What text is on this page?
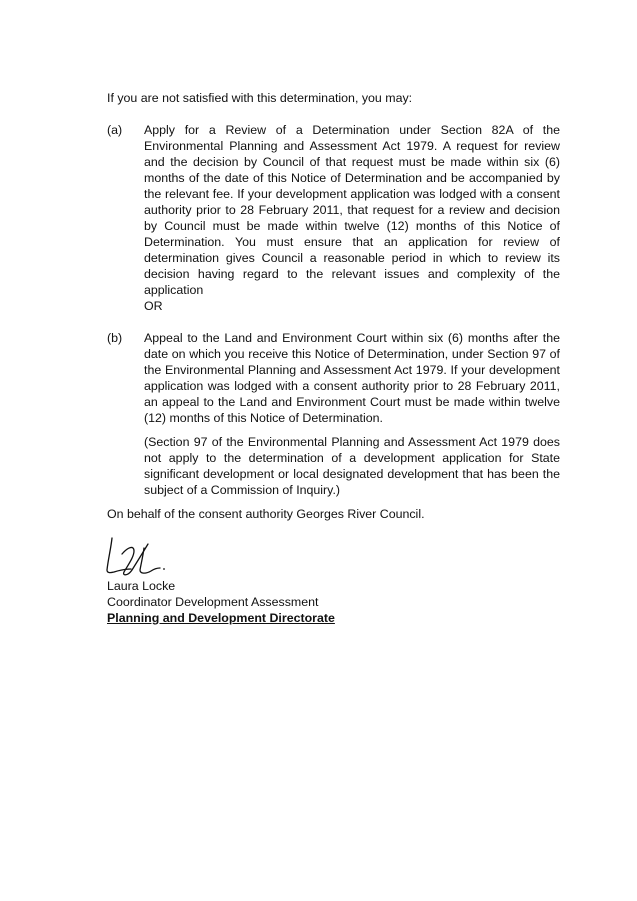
If you are not satisfied with this determination, you may:

(a) Apply for a Review of a Determination under Section 82A of the Environmental Planning and Assessment Act 1979. A request for review and the decision by Council of that request must be made within six (6) months of the date of this Notice of Determination and be accompanied by the relevant fee. If your development application was lodged with a consent authority prior to 28 February 2011, that request for a review and decision by Council must be made within twelve (12) months of this Notice of Determination. You must ensure that an application for review of determination gives Council a reasonable period in which to review its decision having regard to the relevant issues and complexity of the application

OR
(b) Appeal to the Land and Environment Court within six (6) months after the date on which you receive this Notice of Determination, under Section 97 of the Environmental Planning and Assessment Act 1979. If your development application was lodged with a consent authority prior to 28 February 2011, an appeal to the Land and Environment Court must be made within twelve (12) months of this Notice of Determination.

(Section 97 of the Environmental Planning and Assessment Act 1979 does not apply to the determination of a development application for State significant development or local designated development that has been the subject of a Commission of Inquiry.)

On behalf of the consent authority Georges River Council.

Laura Locke
Coordinator Development Assessment
Planning and Development Directorate
